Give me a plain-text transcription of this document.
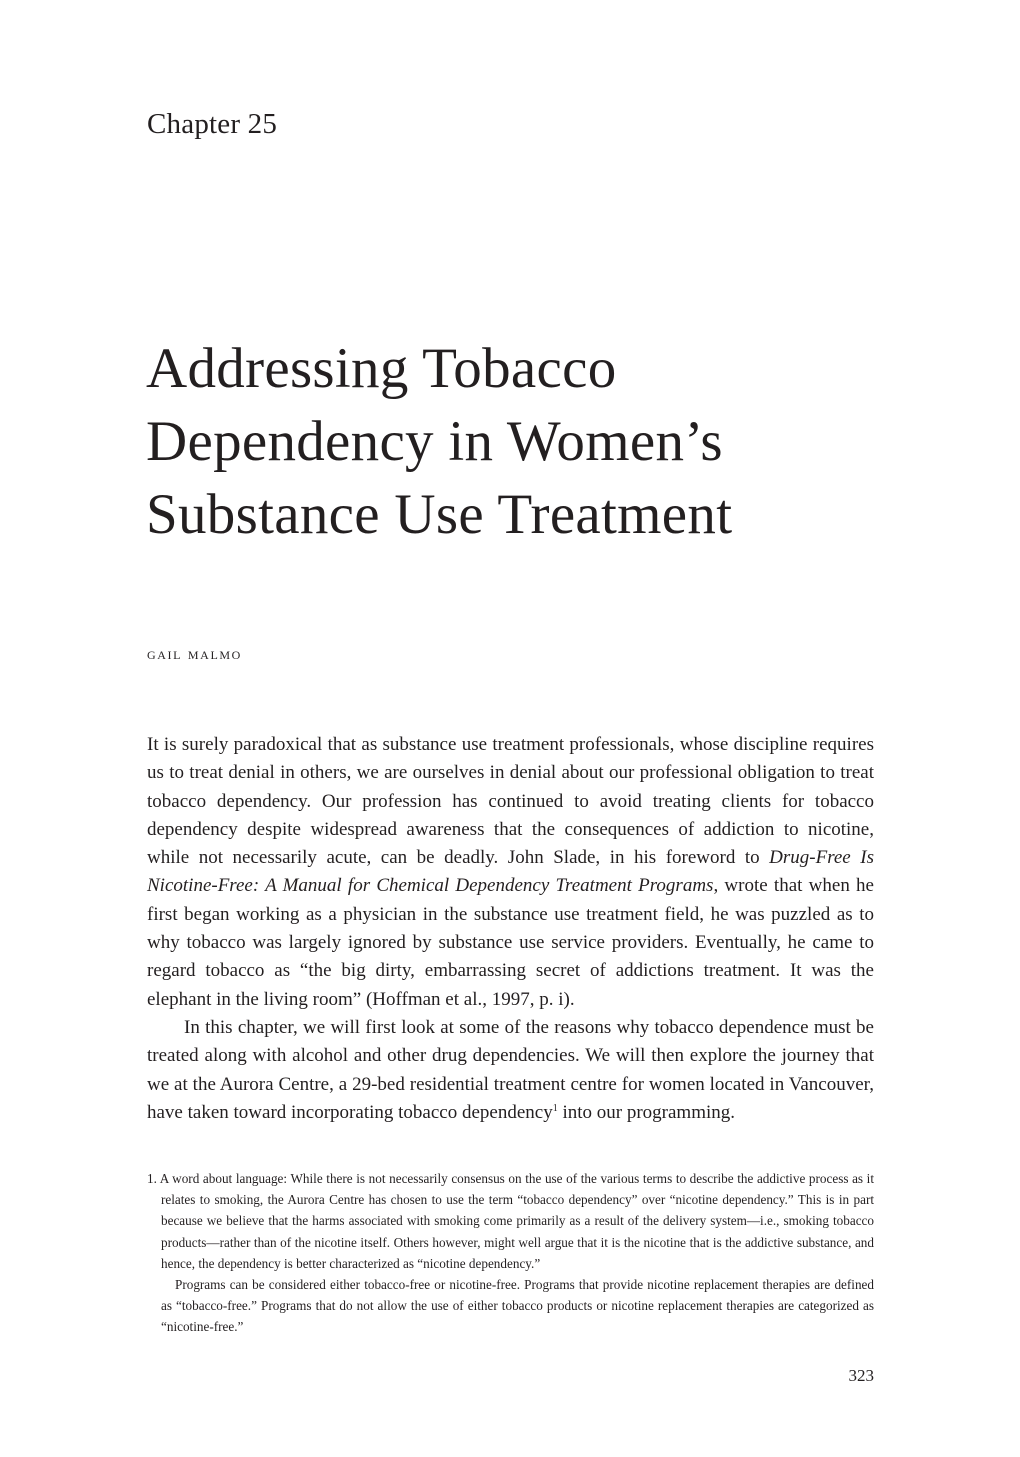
Chapter 25
Addressing Tobacco
Dependency in Women’s
Substance Use Treatment
gail malmo

It is surely paradoxical that as substance use treatment professionals, whose discipline requires us to treat denial in others, we are ourselves in denial about our professional obligation to treat tobacco dependency. Our profession has continued to avoid treating clients for tobacco dependency despite widespread awareness that the consequences of addiction to nicotine, while not necessarily acute, can be deadly. John Slade, in his foreword to Drug-Free Is Nicotine-Free: A Manual for Chemical Dependency Treatment Programs, wrote that when he first began working as a physician in the substance use treatment field, he was puzzled as to why tobacco was largely ignored by substance use service providers. Eventually, he came to regard tobacco as “the big dirty, embarrassing secret of addictions treatment. It was the elephant in the living room” (Hoffman et al., 1997, p. i).

In this chapter, we will first look at some of the reasons why tobacco dependence must be treated along with alcohol and other drug dependencies. We will then explore the journey that we at the Aurora Centre, a 29-bed residential treatment centre for women located in Vancouver, have taken toward incorporating tobacco dependency$^1$ into our programming.

1. A word about language: While there is not necessarily consensus on the use of the various terms to describe the addictive process as it relates to smoking, the Aurora Centre has chosen to use the term “tobacco dependency” over “nicotine dependency.” This is in part because we believe that the harms associated with smoking come primarily as a result of the delivery system—i.e., smoking tobacco products—rather than of the nicotine itself. Others however, might well argue that it is the nicotine that is the addictive substance, and hence, the dependency is better characterized as “nicotine dependency.”

Programs can be considered either tobacco-free or nicotine-free. Programs that provide nicotine replacement therapies are defined as “tobacco-free.” Programs that do not allow the use of either tobacco products or nicotine replacement therapies are categorized as “nicotine-free.”

323
